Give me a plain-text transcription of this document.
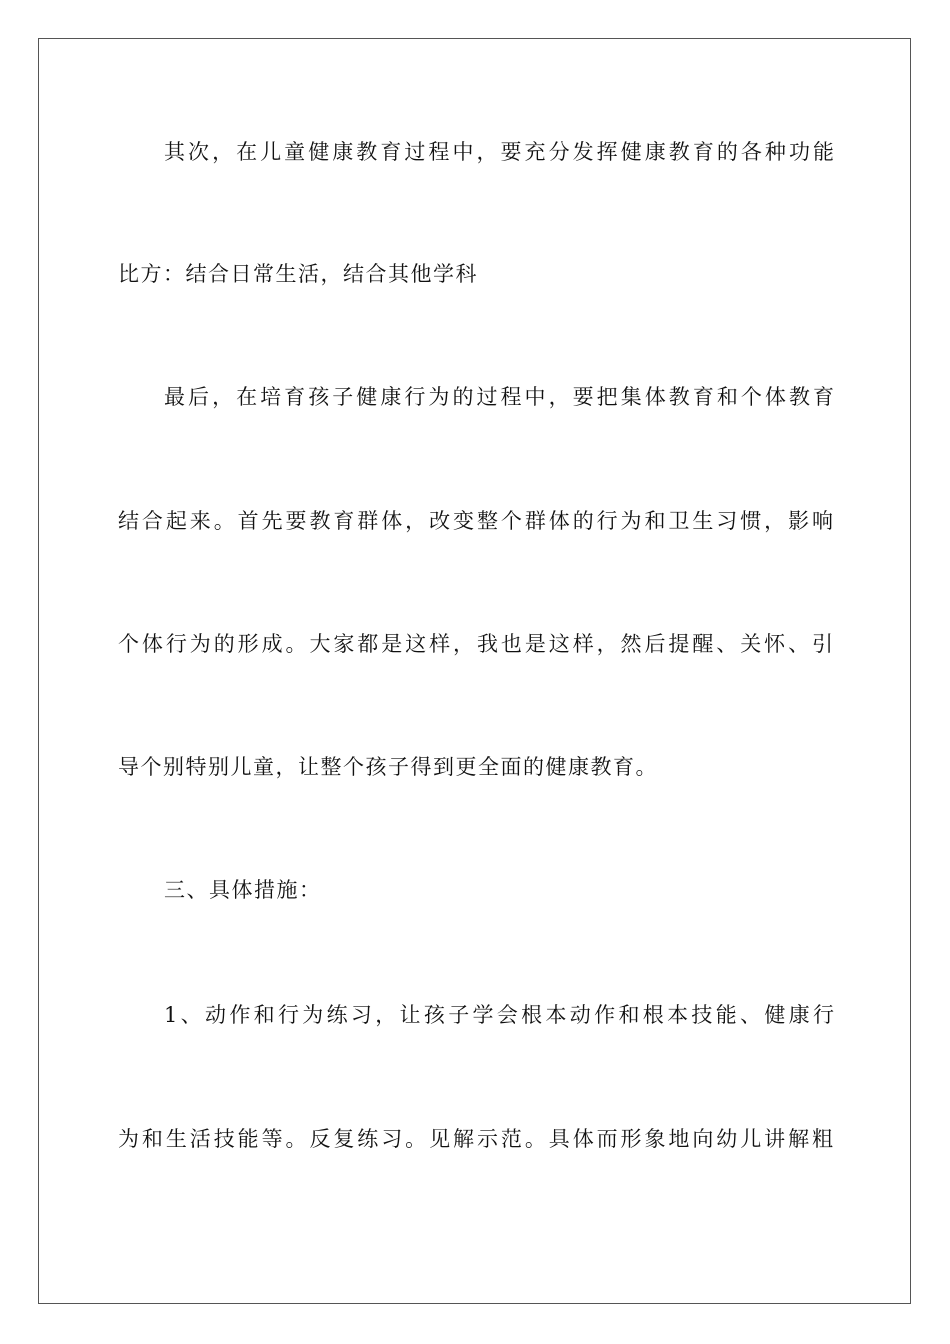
其次，在儿童健康教育过程中，要充分发挥健康教育的各种功能
比方：结合日常生活，结合其他学科
最后，在培育孩子健康行为的过程中，要把集体教育和个体教育
结合起来。首先要教育群体，改变整个群体的行为和卫生习惯，影响
个体行为的形成。大家都是这样，我也是这样，然后提醒、关怀、引
导个别特别儿童，让整个孩子得到更全面的健康教育。
三、具体措施：
1、动作和行为练习，让孩子学会根本动作和根本技能、健康行
为和生活技能等。反复练习。见解示范。具体而形象地向幼儿讲解粗
